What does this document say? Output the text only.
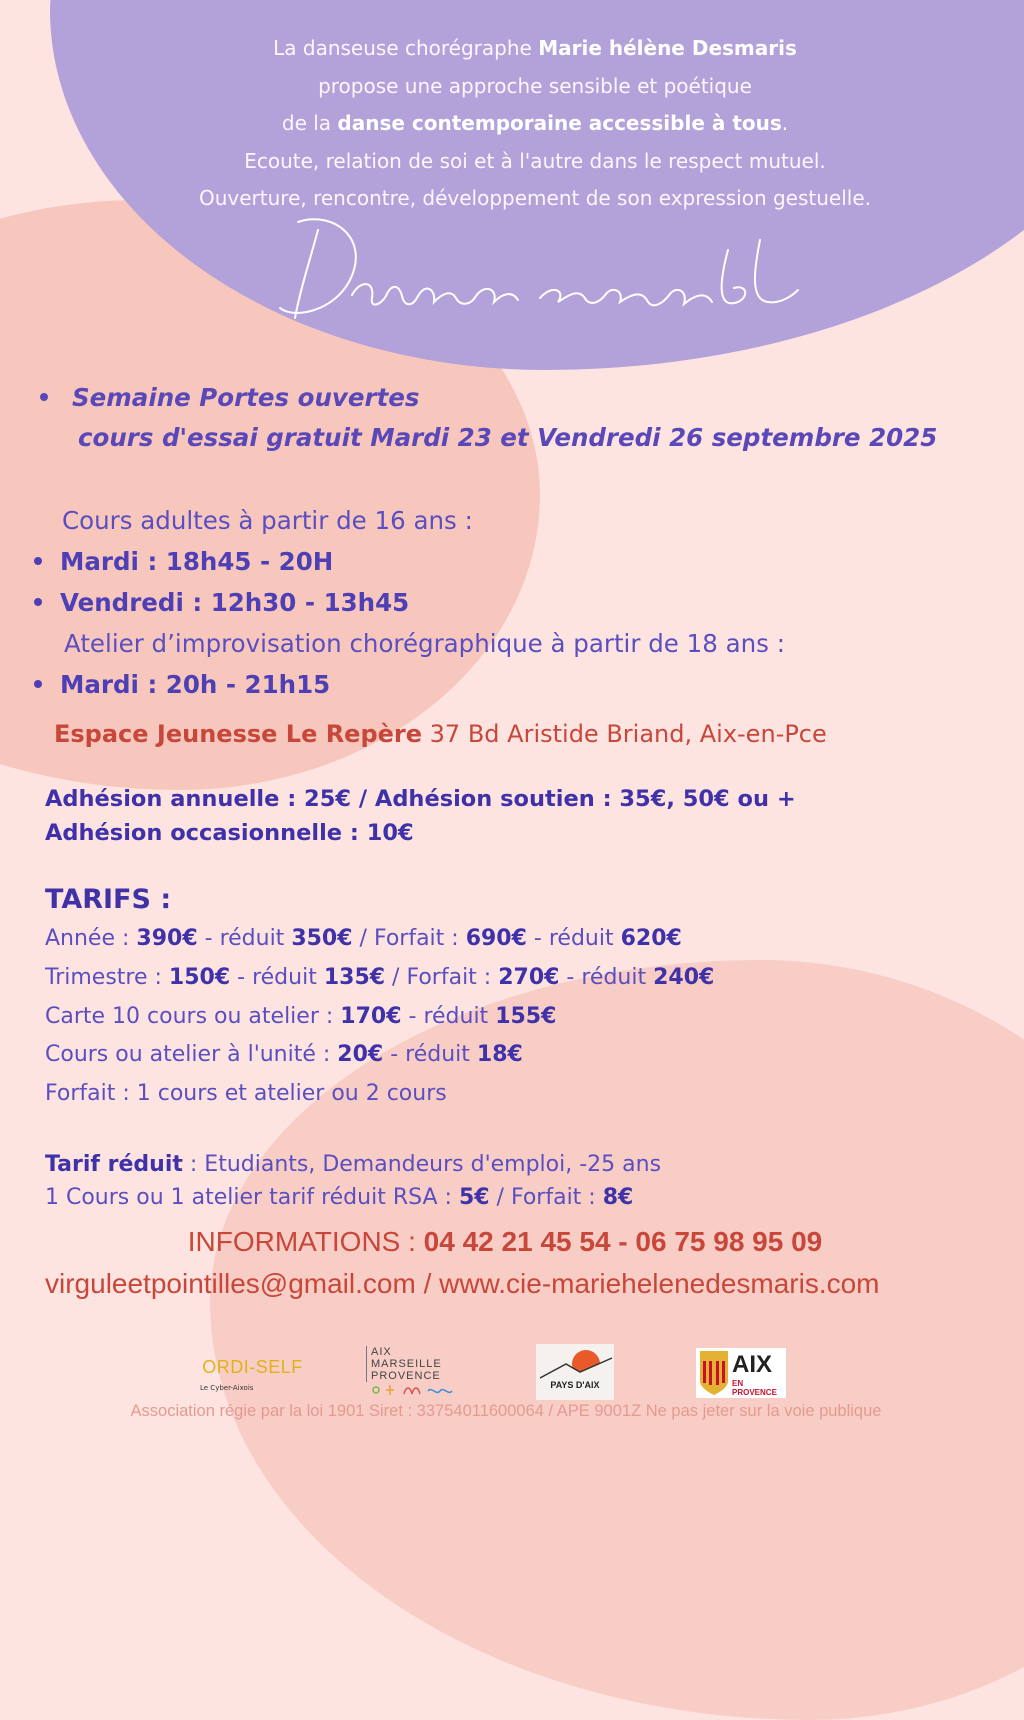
La danseuse chorégraphe Marie hélène Desmaris
propose une approche sensible et poétique
de la danse contemporaine accessible à tous.
Ecoute, relation de soi et à l'autre dans le respect mutuel.
Ouverture, rencontre, développement de son expression gestuelle.
Semaine Portes ouvertes
cours d'essai gratuit Mardi 23 et Vendredi 26 septembre 2025
Cours adultes à partir de 16 ans :
Mardi : 18h45 - 20H
Vendredi : 12h30 - 13h45
Atelier d’improvisation chorégraphique à partir de 18 ans :
Mardi : 20h - 21h15
Espace Jeunesse Le Repère 37 Bd Aristide Briand, Aix-en-Pce
Adhésion annuelle : 25€ / Adhésion soutien : 35€, 50€ ou +
Adhésion occasionnelle : 10€
TARIFS :
Année : 390€ - réduit 350€ / Forfait : 690€ - réduit 620€
Trimestre : 150€ - réduit 135€ / Forfait : 270€ - réduit 240€
Carte 10 cours ou atelier : 170€ - réduit 155€
Cours ou atelier à l'unité : 20€ - réduit 18€
Forfait : 1 cours et atelier ou 2 cours
Tarif réduit : Etudiants, Demandeurs d'emploi, -25 ans
1 Cours ou 1 atelier tarif réduit RSA : 5€ / Forfait : 8€
INFORMATIONS : 04 42 21 45 54 - 06 75 98 95 09
virguleetpointilles@gmail.com / www.cie-mariehelenedesmaris.com
ORDI-SELF
Le Cyber-Aixois
AIX
MARSEILLE
PROVENCE
PAYS D'AIX
AIX
EN PROVENCE
Association régie par la loi 1901 Siret : 33754011600064 / APE 9001Z Ne pas jeter sur la voie publique
